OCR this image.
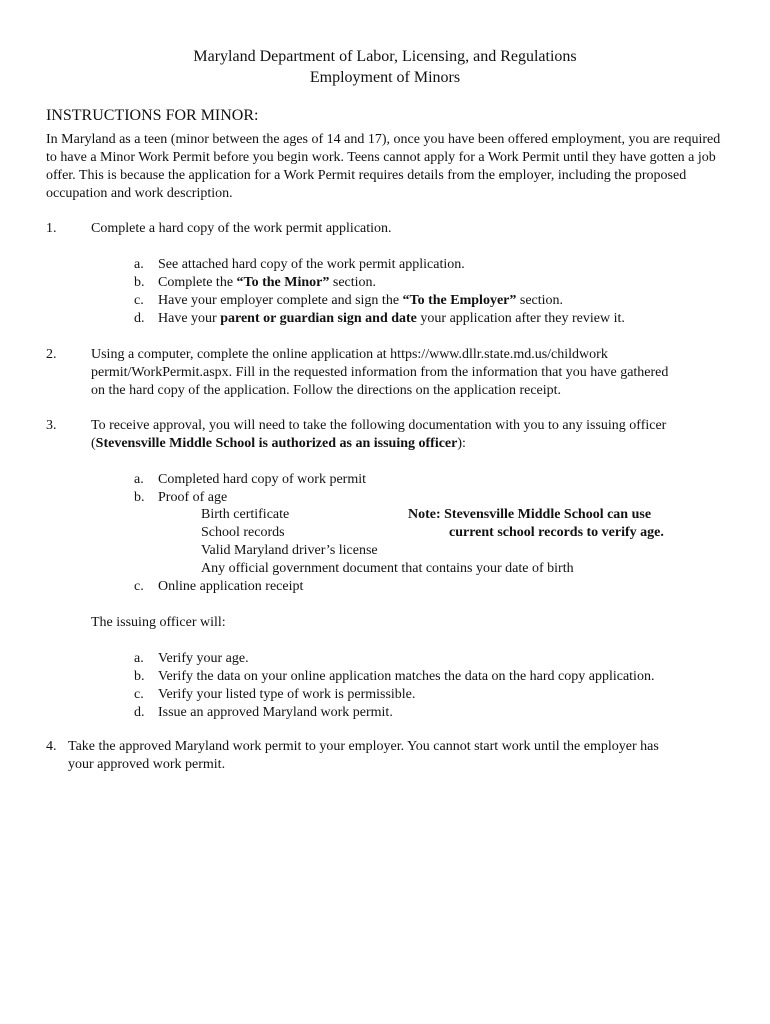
Maryland Department of Labor, Licensing, and Regulations
Employment of Minors
INSTRUCTIONS FOR MINOR:
In Maryland as a teen (minor between the ages of 14 and 17), once you have been offered employment, you are required to have a Minor Work Permit before you begin work. Teens cannot apply for a Work Permit until they have gotten a job offer. This is because the application for a Work Permit requires details from the employer, including the proposed occupation and work description.
1. Complete a hard copy of the work permit application.
a. See attached hard copy of the work permit application.
b. Complete the “To the Minor” section.
c. Have your employer complete and sign the “To the Employer” section.
d. Have your parent or guardian sign and date your application after they review it.
2. Using a computer, complete the online application at https://www.dllr.state.md.us/childwork
permit/WorkPermit.aspx. Fill in the requested information from the information that you have gathered
on the hard copy of the application. Follow the directions on the application receipt.
3. To receive approval, you will need to take the following documentation with you to any issuing officer
(Stevensville Middle School is authorized as an issuing officer):
a. Completed hard copy of work permit
b. Proof of age
Birth certificate
School records
Valid Maryland driver’s license
Any official government document that contains your date of birth
Note: Stevensville Middle School can use
current school records to verify age.
c. Online application receipt
The issuing officer will:
a. Verify your age.
b. Verify the data on your online application matches the data on the hard copy application.
c. Verify your listed type of work is permissible.
d. Issue an approved Maryland work permit.
4. Take the approved Maryland work permit to your employer. You cannot start work until the employer has
your approved work permit.
